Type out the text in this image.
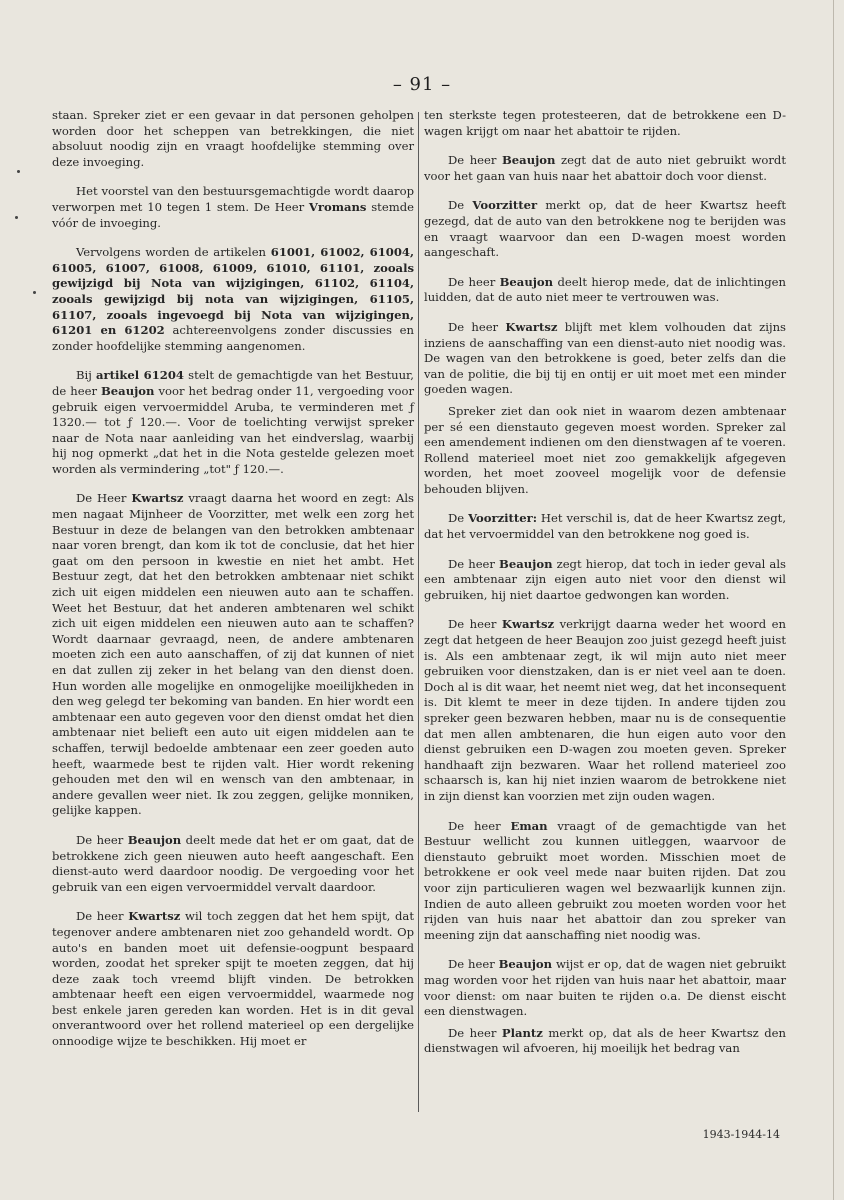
– 91 –

staan. Spreker ziet er een gevaar in dat personen geholpen worden door het scheppen van betrekkingen, die niet absoluut noodig zijn en vraagt hoofdelijke stemming over deze invoeging.

Het voorstel van den bestuursgemachtigde wordt daarop verworpen met 10 tegen 1 stem. De Heer Vromans stemde vóór de invoeging.

Vervolgens worden de artikelen 61001, 61002, 61004, 61005, 61007, 61008, 61009, 61010, 61101, zooals gewijzigd bij Nota van wijzigingen, 61102, 61104, zooals gewijzigd bij nota van wijzigingen, 61105, 61107, zooals ingevoegd bij Nota van wijzigingen, 61201 en 61202 achtereenvolgens zonder discussies en zonder hoofdelijke stemming aangenomen.

Bij artikel 61204 stelt de gemachtigde van het Bestuur, de heer Beaujon voor het bedrag onder 11, vergoeding voor gebruik eigen vervoermiddel Aruba, te verminderen met ƒ 1320.— tot ƒ 120.—. Voor de toelichting verwijst spreker naar de Nota naar aanleiding van het eindverslag, waarbij hij nog opmerkt „dat het in die Nota gestelde gelezen moet worden als vermindering „tot" ƒ 120.—.

De Heer Kwartsz vraagt daarna het woord en zegt: Als men nagaat Mijnheer de Voorzitter, met welk een zorg het Bestuur in deze de belangen van den betrokken ambtenaar naar voren brengt, dan kom ik tot de conclusie, dat het hier gaat om den persoon in kwestie en niet het ambt. Het Bestuur zegt, dat het den betrokken ambtenaar niet schikt zich uit eigen middelen een nieuwen auto aan te schaffen. Weet het Bestuur, dat het anderen ambtenaren wel schikt zich uit eigen middelen een nieuwen auto aan te schaffen? Wordt daarnaar gevraagd, neen, de andere ambtenaren moeten zich een auto aanschaffen, of zij dat kunnen of niet en dat zullen zij zeker in het belang van den dienst doen. Hun worden alle mogelijke en onmogelijke moeilijkheden in den weg gelegd ter bekoming van banden. En hier wordt een ambtenaar een auto gegeven voor den dienst omdat het dien ambtenaar niet belieft een auto uit eigen middelen aan te schaffen, terwijl bedoelde ambtenaar een zeer goeden auto heeft, waarmede best te rijden valt. Hier wordt rekening gehouden met den wil en wensch van den ambtenaar, in andere gevallen weer niet. Ik zou zeggen, gelijke monniken, gelijke kappen.

De heer Beaujon deelt mede dat het er om gaat, dat de betrokkene zich geen nieuwen auto heeft aangeschaft. Een dienst-auto werd daardoor noodig. De vergoeding voor het gebruik van een eigen vervoermiddel vervalt daardoor.

De heer Kwartsz wil toch zeggen dat het hem spijt, dat tegenover andere ambtenaren niet zoo gehandeld wordt. Op auto's en banden moet uit defensie-oogpunt bespaard worden, zoodat het spreker spijt te moeten zeggen, dat hij deze zaak toch vreemd blijft vinden. De betrokken ambtenaar heeft een eigen vervoermiddel, waarmede nog best enkele jaren gereden kan worden. Het is in dit geval onverantwoord over het rollend materieel op een dergelijke onnoodige wijze te beschikken. Hij moet er

ten sterkste tegen protesteeren, dat de betrokkene een D-wagen krijgt om naar het abattoir te rijden.

De heer Beaujon zegt dat de auto niet gebruikt wordt voor het gaan van huis naar het abattoir doch voor dienst.

De Voorzitter merkt op, dat de heer Kwartsz heeft gezegd, dat de auto van den betrokkene nog te berijden was en vraagt waarvoor dan een D-wagen moest worden aangeschaft.

De heer Beaujon deelt hierop mede, dat de inlichtingen luidden, dat de auto niet meer te vertrouwen was.

De heer Kwartsz blijft met klem volhouden dat zijns inziens de aanschaffing van een dienst-auto niet noodig was. De wagen van den betrokkene is goed, beter zelfs dan die van de politie, die bij tij en ontij er uit moet met een minder goeden wagen.

Spreker ziet dan ook niet in waarom dezen ambtenaar per sé een dienstauto gegeven moest worden. Spreker zal een amendement indienen om den dienstwagen af te voeren. Rollend materieel moet niet zoo gemakkelijk afgegeven worden, het moet zooveel mogelijk voor de defensie behouden blijven.

De Voorzitter: Het verschil is, dat de heer Kwartsz zegt, dat het vervoermiddel van den betrokkene nog goed is.

De heer Beaujon zegt hierop, dat toch in ieder geval als een ambtenaar zijn eigen auto niet voor den dienst wil gebruiken, hij niet daartoe gedwongen kan worden.

De heer Kwartsz verkrijgt daarna weder het woord en zegt dat hetgeen de heer Beaujon zoo juist gezegd heeft juist is. Als een ambtenaar zegt, ik wil mijn auto niet meer gebruiken voor dienstzaken, dan is er niet veel aan te doen. Doch al is dit waar, het neemt niet weg, dat het inconsequent is. Dit klemt te meer in deze tijden. In andere tijden zou spreker geen bezwaren hebben, maar nu is de consequentie dat men allen ambtenaren, die hun eigen auto voor den dienst gebruiken een D-wagen zou moeten geven. Spreker handhaaft zijn bezwaren. Waar het rollend materieel zoo schaarsch is, kan hij niet inzien waarom de betrokkene niet in zijn dienst kan voorzien met zijn ouden wagen.

De heer Eman vraagt of de gemachtigde van het Bestuur wellicht zou kunnen uitleggen, waarvoor de dienstauto gebruikt moet worden. Misschien moet de betrokkene er ook veel mede naar buiten rijden. Dat zou voor zijn particulieren wagen wel bezwaarlijk kunnen zijn. Indien de auto alleen gebruikt zou moeten worden voor het rijden van huis naar het abattoir dan zou spreker van meening zijn dat aanschaffing niet noodig was.

De heer Beaujon wijst er op, dat de wagen niet gebruikt mag worden voor het rijden van huis naar het abattoir, maar voor dienst: om naar buiten te rijden o.a. De dienst eischt een dienstwagen.

De heer Plantz merkt op, dat als de heer Kwartsz den dienstwagen wil afvoeren, hij moeilijk het bedrag van

1943-1944-14
